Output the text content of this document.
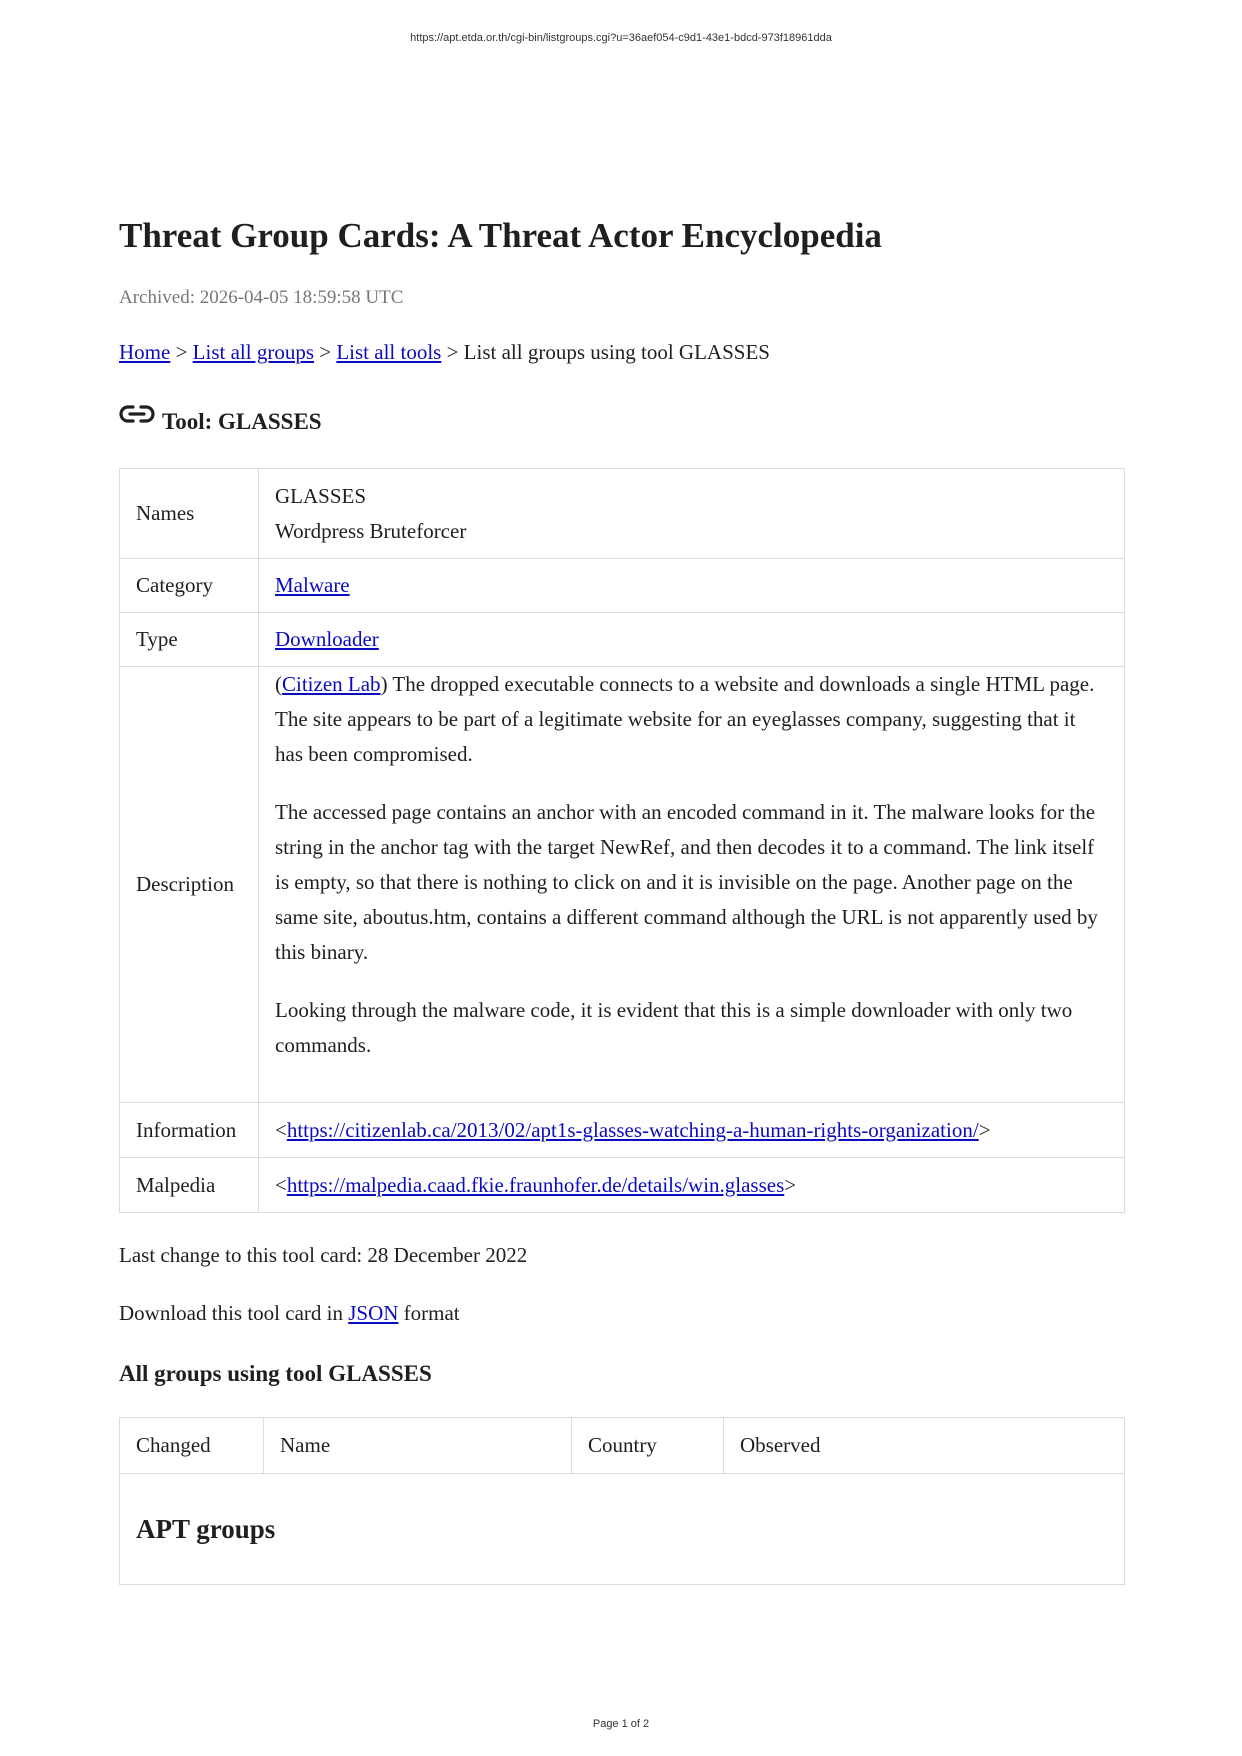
https://apt.etda.or.th/cgi-bin/listgroups.cgi?u=36aef054-c9d1-43e1-bdcd-973f18961dda
Threat Group Cards: A Threat Actor Encyclopedia
Archived: 2026-04-05 18:59:58 UTC
Home > List all groups > List all tools > List all groups using tool GLASSES
Tool: GLASSES
Names	GLASSES
Wordpress Bruteforcer

Category	Malware
Type	Downloader
Description	(Citizen Lab) The dropped executable connects to a website and downloads a single HTML page. The site appears to be part of a legitimate website for an eyeglasses company, suggesting that it has been compromised.

The accessed page contains an anchor with an encoded command in it. The malware looks for the string in the anchor tag with the target NewRef, and then decodes it to a command. The link itself is empty, so that there is nothing to click on and it is invisible on the page. Another page on the same site, aboutus.htm, contains a different command although the URL is not apparently used by this binary.

Looking through the malware code, it is evident that this is a simple downloader with only two commands.

Information	<https://citizenlab.ca/2013/02/apt1s-glasses-watching-a-human-rights-organization/>
Malpedia	<https://malpedia.caad.fkie.fraunhofer.de/details/win.glasses>
Last change to this tool card: 28 December 2022
Download this tool card in JSON format
All groups using tool GLASSES
Changed	Name	Country	Observed
APT groups
Page 1 of 2
